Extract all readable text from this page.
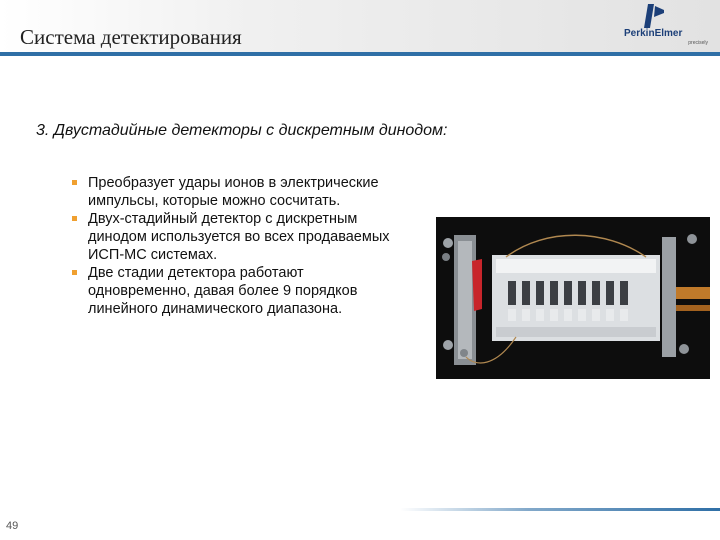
Система детектирования	PerkinElmer
precisely
3. Двустадийные детекторы с дискретным динодом:
Преобразует удары ионов в электрические импульсы, которые можно сосчитать.
Двух-стадийный детектор с дискретным динодом используется во всех продаваемых ИСП-МС системах.
Две стадии детектора работают одновременно, давая более 9 порядков линейного динамического диапазона.
49
